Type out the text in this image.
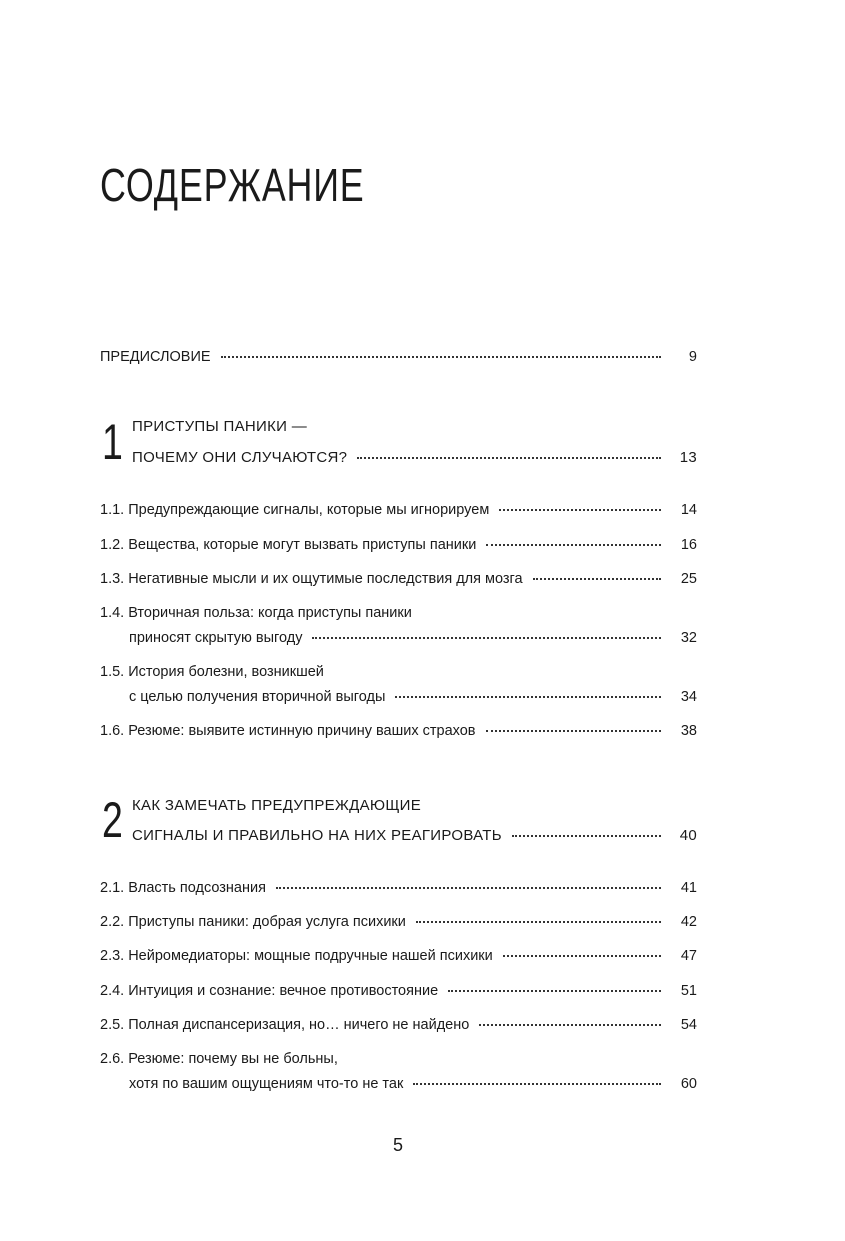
СОДЕРЖАНИЕ
ПРЕДИСЛОВИЕ	9
1 ПРИСТУПЫ ПАНИКИ —
ПОЧЕМУ ОНИ СЛУЧАЮТСЯ?	13
1.1. Предупреждающие сигналы, которые мы игнорируем	14
1.2. Вещества, которые могут вызвать приступы паники	16
1.3. Негативные мысли и их ощутимые последствия для мозга	25
1.4. Вторичная польза: когда приступы паники
приносят скрытую выгоду	32
1.5. История болезни, возникшей
с целью получения вторичной выгоды	34
1.6. Резюме: выявите истинную причину ваших страхов	38
2 КАК ЗАМЕЧАТЬ ПРЕДУПРЕЖДАЮЩИЕ
СИГНАЛЫ И ПРАВИЛЬНО НА НИХ РЕАГИРОВАТЬ	40
2.1. Власть подсознания	41
2.2. Приступы паники: добрая услуга психики	42
2.3. Нейромедиаторы: мощные подручные нашей психики	47
2.4. Интуиция и сознание: вечное противостояние	51
2.5. Полная диспансеризация, но… ничего не найдено	54
2.6. Резюме: почему вы не больны,
хотя по вашим ощущениям что-то не так	60
5
